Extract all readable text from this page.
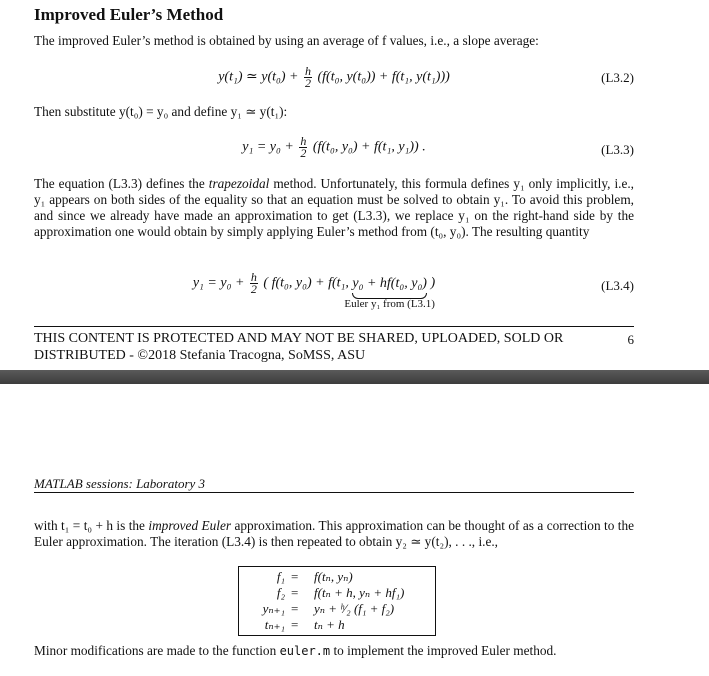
Improved Euler’s Method
The improved Euler’s method is obtained by using an average of f values, i.e., a slope average:
y(t₁) ≃ $y(t_0) + \frac{h}{2} (f(t_0$, y(t₀)) + f(t₁, y(t₁)))	(L3.2)
Then substitute y(t₀) = y₀ and define y₁ ≃ y(t₁):
$y_1 = y_0 + \frac{h}{2} (f(t_0$, y₀) + f(t₁, y₁)) .	(L3.3)
The equation (L3.3) defines the trapezoidal method. Unfortunately, this formula defines y₁ only implicitly, i.e., y₁ appears on both sides of the equality so that an equation must be solved to obtain y₁. To avoid this problem, and since we already have made an approximation to get (L3.3), we replace y₁ on the right-hand side by the approximation one would obtain by simply applying Euler’s method from (t₀, y₀). The resulting quantity
$y_1 = y_0 + \frac{h}{2}$ ( f(t₀, y₀) + f(t₁, y₀ + hf(t₀, y₀)
Euler y₁ from (L3.1)
)	(L3.4)
THIS CONTENT IS PROTECTED AND MAY NOT BE SHARED, UPLOADED, SOLD OR DISTRIBUTED - ©2018 Stefania Tracogna, SoMSS, ASU
6
MATLAB sessions: Laboratory 3
with t₁ = t₀ + h is the improved Euler approximation. This approximation can be thought of as a correction to the Euler approximation. The iteration (L3.4) is then repeated to obtain y₂ ≃ y(t₂), . . ., i.e.,
f₁ = f(tₙ, yₙ)
f₂ = f(tₙ + h, yₙ + hf₁)
yₙ₊₁ = yₙ + ʰ⁄₂ (f₁ + f₂)
tₙ₊₁ = tₙ + h
Minor modifications are made to the function euler.m to implement the improved Euler method.
